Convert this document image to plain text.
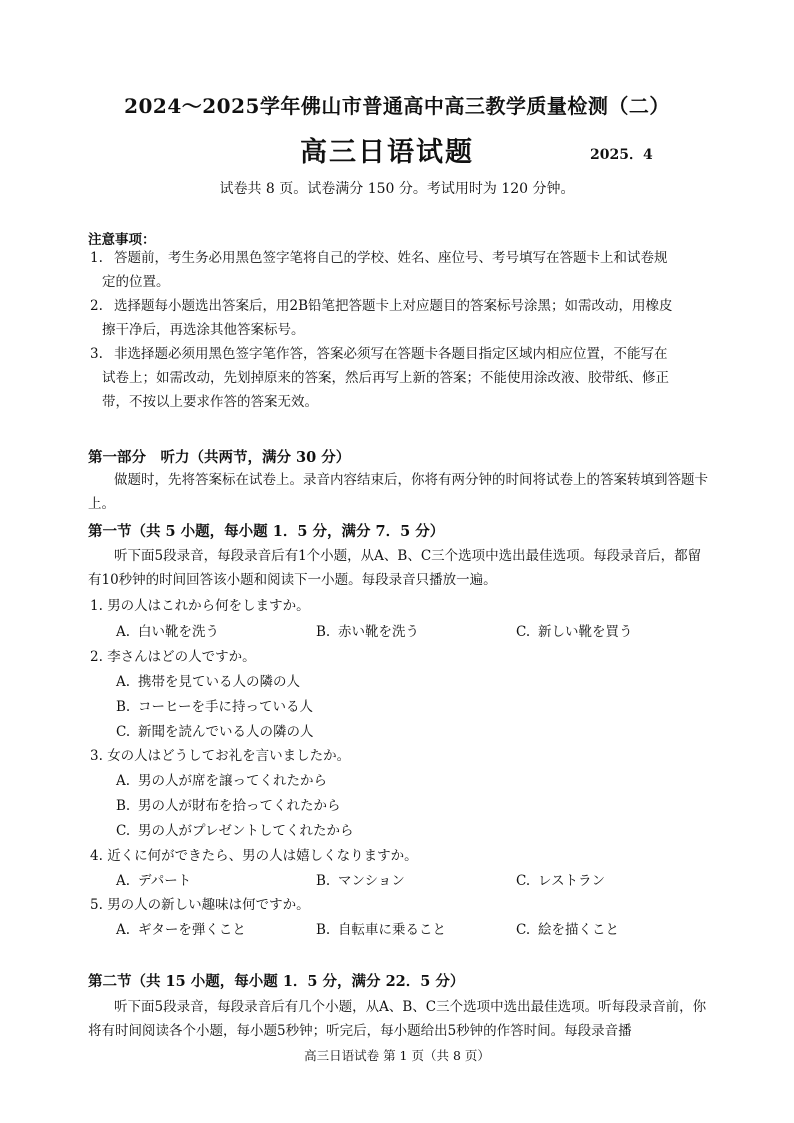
2024～2025学年佛山市普通高中高三教学质量检测（二）
高三日语试题	2025．4
试卷共 8 页。试卷满分 150 分。考试用时为 120 分钟。
注意事项：
1. 答题前，考生务必用黑色签字笔将自己的学校、姓名、座位号、考号填写在答题卡上和试卷规
定的位置。
2. 选择题每小题选出答案后，用2B铅笔把答题卡上对应题目的答案标号涂黑；如需改动，用橡皮
擦干净后，再选涂其他答案标号。
3. 非选择题必须用黑色签字笔作答，答案必须写在答题卡各题目指定区域内相应位置，不能写在
试卷上；如需改动，先划掉原来的答案，然后再写上新的答案；不能使用涂改液、胶带纸、修正
带，不按以上要求作答的答案无效。
第一部分　听力（共两节，满分 30 分）
做题时，先将答案标在试卷上。录音内容结束后，你将有两分钟的时间将试卷上的答案转填到答题卡上。
第一节（共 5 小题，每小题 1．5 分，满分 7．5 分）
听下面5段录音，每段录音后有1个小题，从A、B、C三个选项中选出最佳选项。每段录音后，都留有10秒钟的时间回答该小题和阅读下一小题。每段录音只播放一遍。
1. 男の人はこれから何をしますか。
A. 白い靴を洗う	B. 赤い靴を洗う	C. 新しい靴を買う
2. 李さんはどの人ですか。
A. 携帯を見ている人の隣の人
B. コーヒーを手に持っている人
C. 新聞を読んでいる人の隣の人
3. 女の人はどうしてお礼を言いましたか。
A. 男の人が席を譲ってくれたから
B. 男の人が財布を拾ってくれたから
C. 男の人がプレゼントしてくれたから
4. 近くに何ができたら、男の人は嬉しくなりますか。
A. デパート	B. マンション	C. レストラン
5. 男の人の新しい趣味は何ですか。
A. ギターを弾くこと	B. 自転車に乗ること	C. 絵を描くこと
第二节（共 15 小题，每小题 1．5 分，满分 22．5 分）
听下面5段录音，每段录音后有几个小题，从A、B、C三个选项中选出最佳选项。听每段录音前，你将有时间阅读各个小题，每小题5秒钟；听完后，每小题给出5秒钟的作答时间。每段录音播
高三日语试卷 第 1 页（共 8 页）
